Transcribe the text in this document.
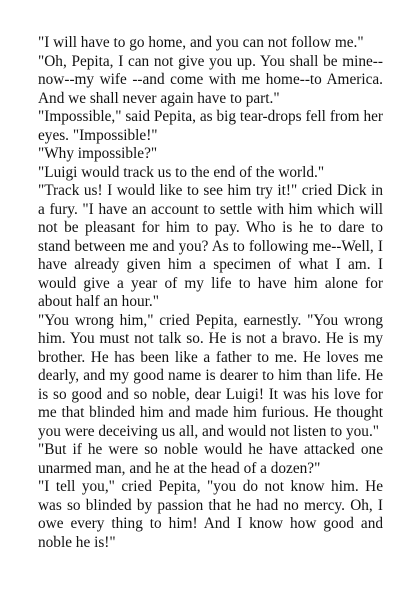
"I will have to go home, and you can not follow me."

"Oh, Pepita, I can not give you up. You shall be mine--now--my wife --and come with me home--to America. And we shall never again have to part."

"Impossible," said Pepita, as big tear-drops fell from her eyes. "Impossible!"

"Why impossible?"

"Luigi would track us to the end of the world."

"Track us! I would like to see him try it!" cried Dick in a fury. "I have an account to settle with him which will not be pleasant for him to pay. Who is he to dare to stand between me and you? As to following me--Well, I have already given him a specimen of what I am. I would give a year of my life to have him alone for about half an hour."

"You wrong him," cried Pepita, earnestly. "You wrong him. You must not talk so. He is not a bravo. He is my brother. He has been like a father to me. He loves me dearly, and my good name is dearer to him than life. He is so good and so noble, dear Luigi! It was his love for me that blinded him and made him furious. He thought you were deceiving us all, and would not listen to you."

"But if he were so noble would he have attacked one unarmed man, and he at the head of a dozen?"

"I tell you," cried Pepita, "you do not know him. He was so blinded by passion that he had no mercy. Oh, I owe every thing to him! And I know how good and noble he is!"
